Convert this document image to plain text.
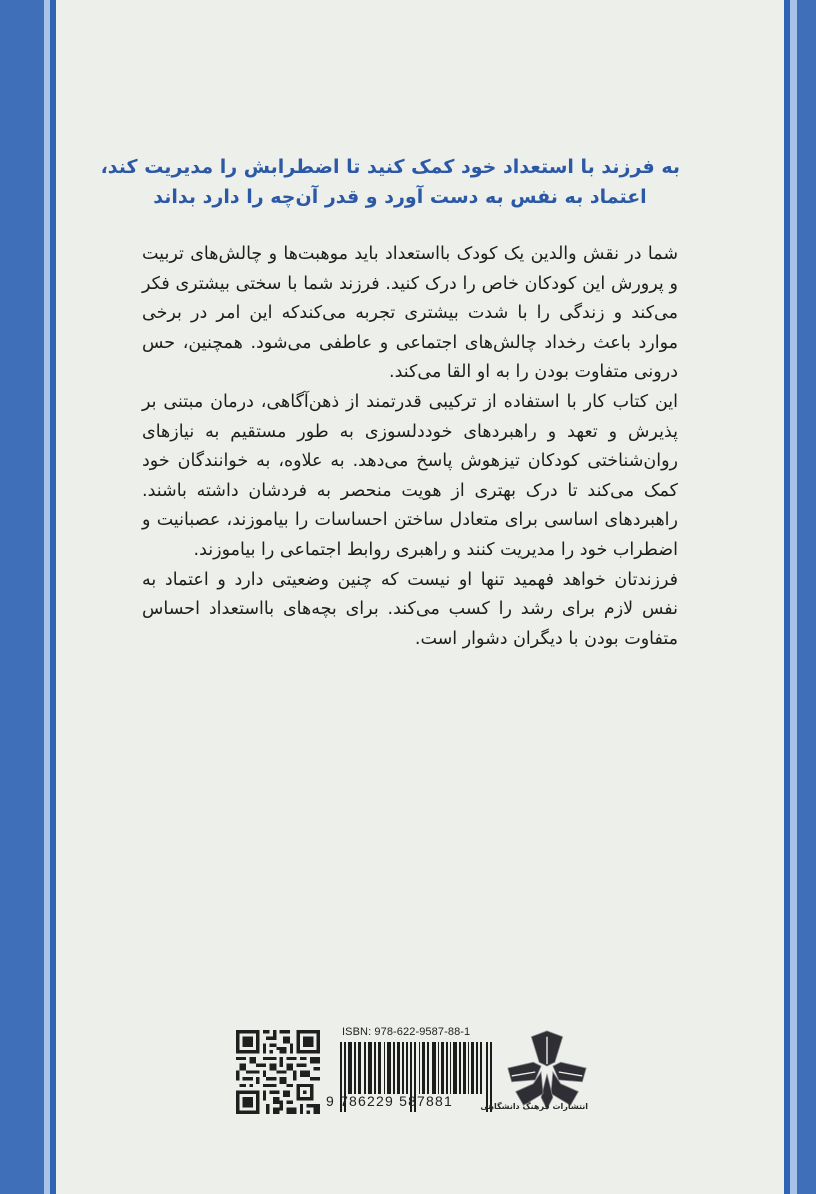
به فرزند با استعداد خود کمک کنید تا اضطرابش را مدیریت کند،
اعتماد به نفس به دست آورد و قدر آن‌چه را دارد بداند

شما در نقش والدین یک کودک بااستعداد باید موهبت‌ها و چالش‌های تربیت و پرورش این کودکان خاص را درک کنید. فرزند شما با سختی بیشتری فکر می‌کند و زندگی را با شدت بیشتری تجربه می‌کندکه این امر در برخی موارد باعث رخداد چالش‌های اجتماعی و عاطفی می‌شود. همچنین، حس درونی متفاوت بودن را به او القا می‌کند.

این کتاب کار با استفاده از ترکیبی قدرتمند از ذهن‌آگاهی، درمان مبتنی بر پذیرش و تعهد و راهبردهای خوددلسوزی به طور مستقیم به نیازهای روان‌شناختی کودکان تیزهوش پاسخ می‌دهد. به علاوه، به خوانندگان خود کمک می‌کند تا درک بهتری از هویت منحصر به فردشان داشته باشند. راهبردهای اساسی برای متعادل ساختن احساسات را بیاموزند، عصبانیت و اضطراب خود را مدیریت کنند و راهبری روابط اجتماعی را بیاموزند.

فرزندتان خواهد فهمید تنها او نیست که چنین وضعیتی دارد و اعتماد به نفس لازم برای رشد را کسب می‌کند. برای بچه‌های بااستعداد احساس متفاوت بودن با دیگران دشوار است.

ISBN: 978-622-9587-88-1
9 786229 587881	انتشارات فرهنگ دانشگاهی
